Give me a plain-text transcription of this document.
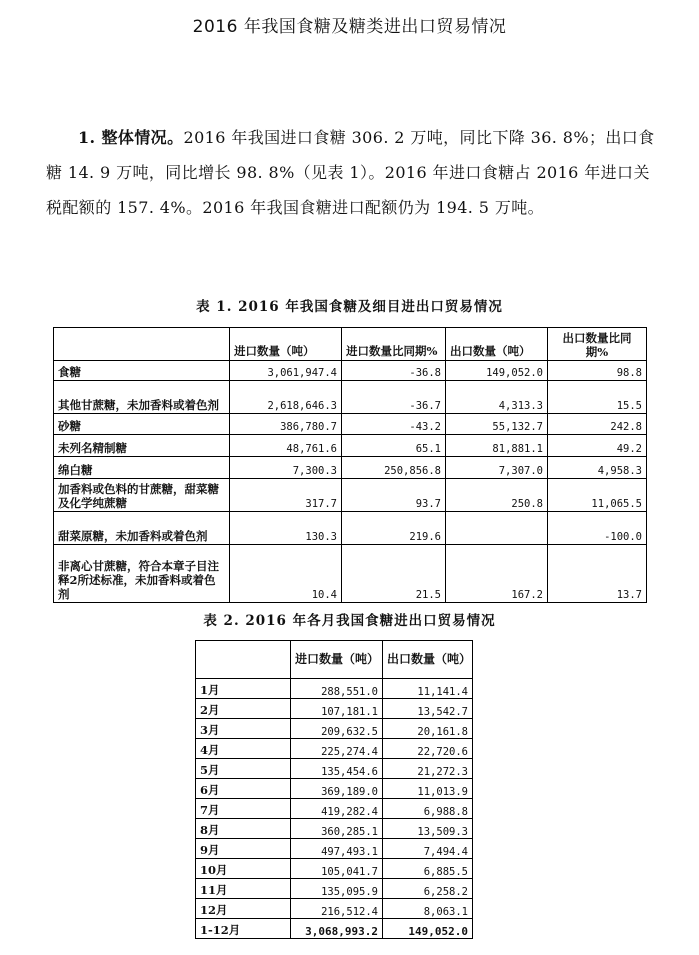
2016 年我国食糖及糖类进出口贸易情况
1. 整体情况。2016 年我国进口食糖 306. 2 万吨，同比下降 36. 8%；出口食糖 14. 9 万吨，同比增长 98. 8%（见表 1）。2016 年进口食糖占 2016 年进口关税配额的 157. 4%。2016 年我国食糖进口配额仍为 194. 5 万吨。
表 1. 2016 年我国食糖及细目进出口贸易情况
	进口数量（吨）	进口数量比同期%	出口数量（吨）	出口数量比同期%
食糖	3,061,947.4	-36.8	149,052.0	98.8
其他甘蔗糖，未加香料或着色剂	2,618,646.3	-36.7	4,313.3	15.5
砂糖	386,780.7	-43.2	55,132.7	242.8
未列名精制糖	48,761.6	65.1	81,881.1	49.2
绵白糖	7,300.3	250,856.8	7,307.0	4,958.3
加香料或色料的甘蔗糖，甜菜糖及化学纯蔗糖	317.7	93.7	250.8	11,065.5
甜菜原糖，未加香料或着色剂	130.3	219.6		-100.0
非离心甘蔗糖，符合本章子目注释2所述标准，未加香料或着色剂	10.4	21.5	167.2	13.7
表 2. 2016 年各月我国食糖进出口贸易情况
	进口数量（吨）	出口数量（吨）
1月	288,551.0	11,141.4
2月	107,181.1	13,542.7
3月	209,632.5	20,161.8
4月	225,274.4	22,720.6
5月	135,454.6	21,272.3
6月	369,189.0	11,013.9
7月	419,282.4	6,988.8
8月	360,285.1	13,509.3
9月	497,493.1	7,494.4
10月	105,041.7	6,885.5
11月	135,095.9	6,258.2
12月	216,512.4	8,063.1
1-12月	3,068,993.2	149,052.0
